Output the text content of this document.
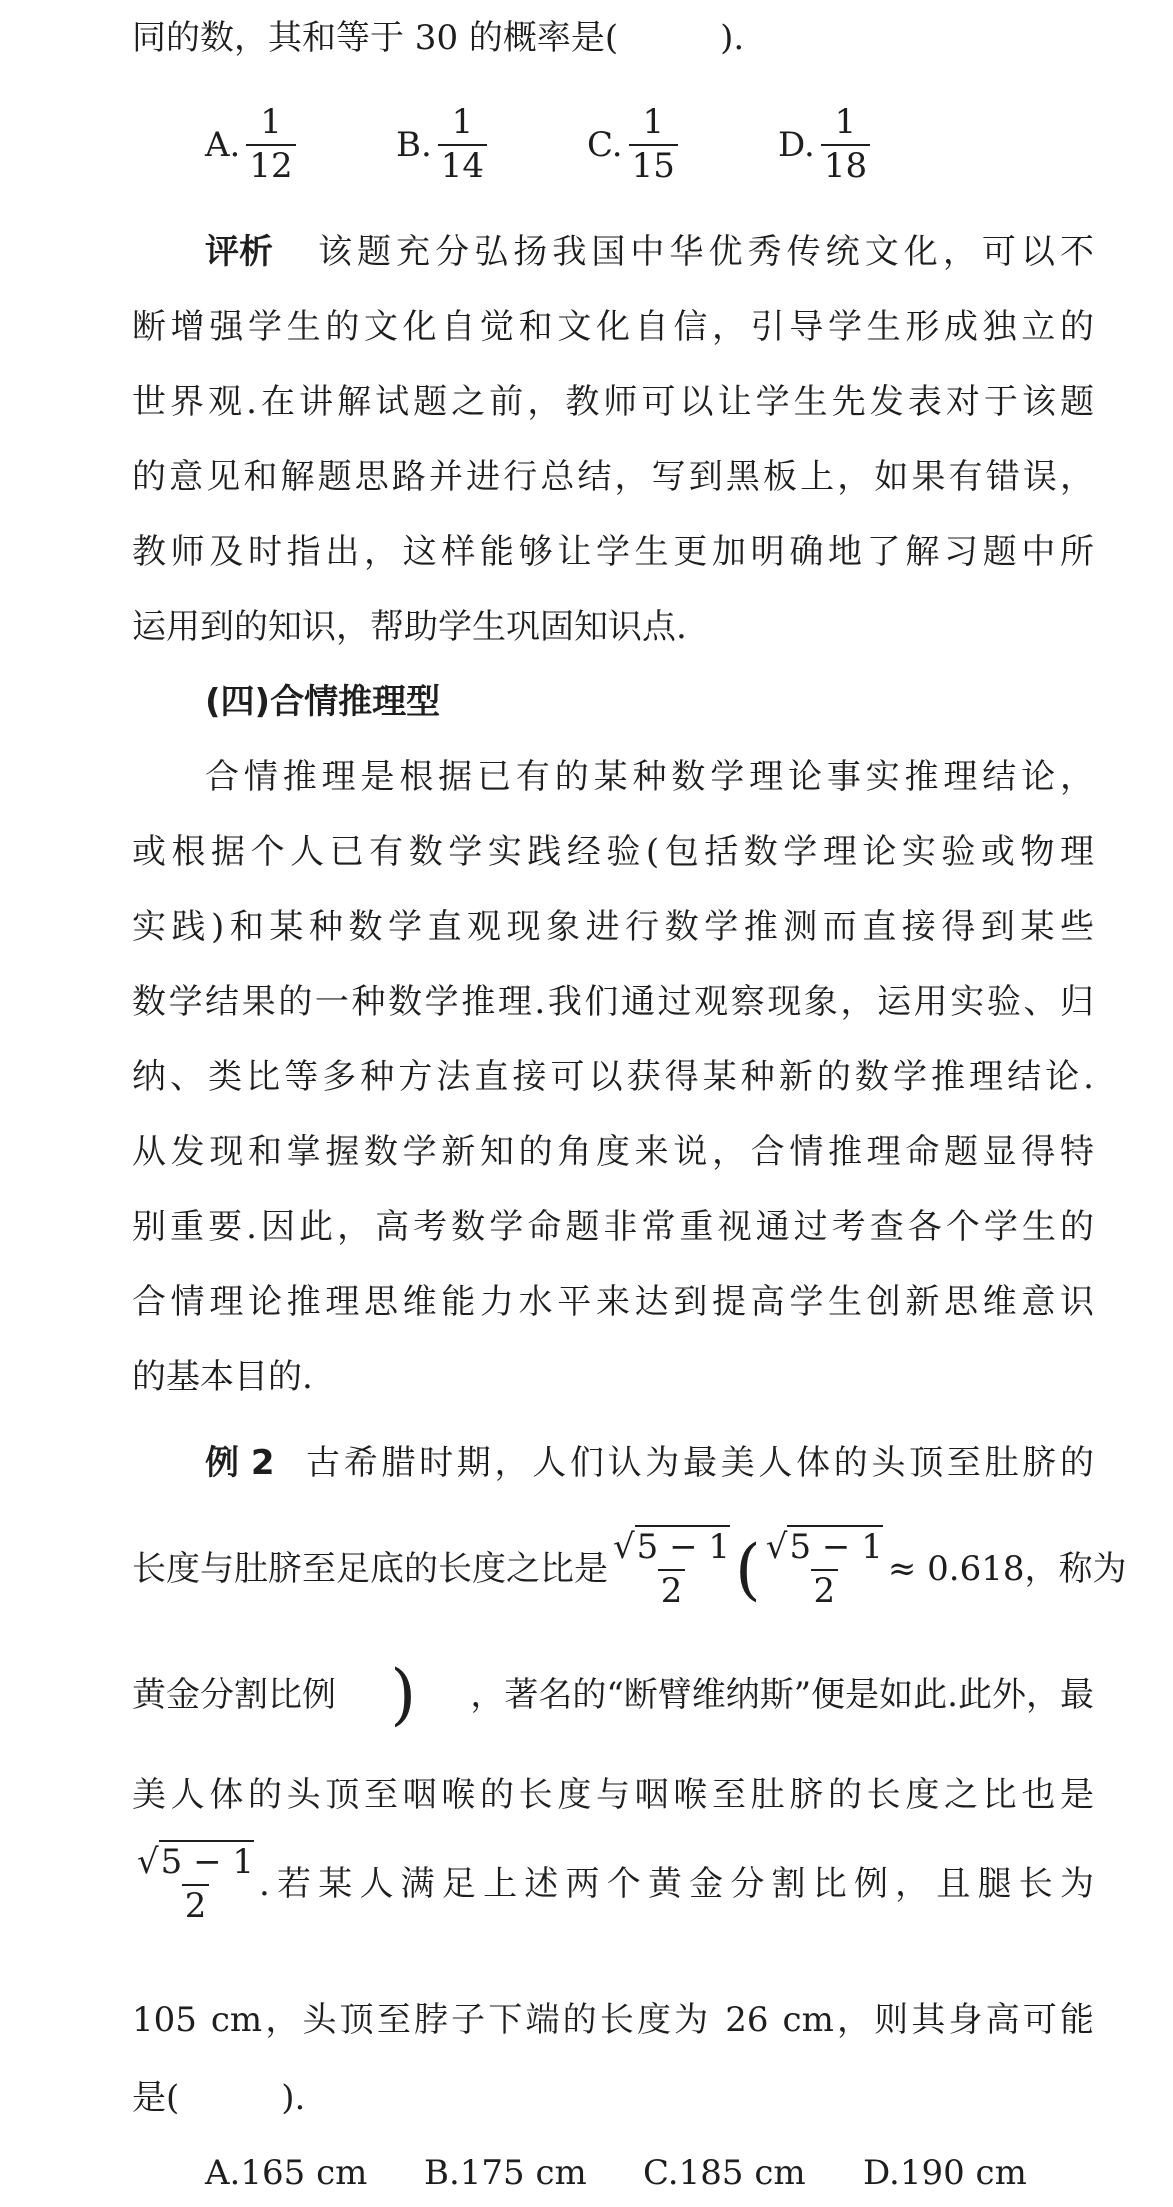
同的数，其和等于 30 的概率是(　　　).
A. $\frac{1}{12}$	B. $\frac{1}{14}$	C. $\frac{1}{15}$	D. $\frac{1}{18}$
评析 该题充分弘扬我国中华优秀传统文化，可以不
断增强学生的文化自觉和文化自信，引导学生形成独立的
世界观.在讲解试题之前，教师可以让学生先发表对于该题
的意见和解题思路并进行总结，写到黑板上，如果有错误，
教师及时指出，这样能够让学生更加明确地了解习题中所
运用到的知识，帮助学生巩固知识点.
(四)合情推理型
合情推理是根据已有的某种数学理论事实推理结论，
或根据个人已有数学实践经验(包括数学理论实验或物理
实践)和某种数学直观现象进行数学推测而直接得到某些
数学结果的一种数学推理.我们通过观察现象，运用实验、归
纳、类比等多种方法直接可以获得某种新的数学推理结论.
从发现和掌握数学新知的角度来说，合情推理命题显得特
别重要.因此，高考数学命题非常重视通过考查各个学生的
合情理论推理思维能力水平来达到提高学生创新思维意识
的基本目的.
例 2 古希腊时期，人们认为最美人体的头顶至肚脐的
长度与肚脐至足底的长度之比是 $\frac{√5 - 1}{2}$ ( $\frac{√5 - 1}{2} \approx 0.618$，称为
黄金分割比例 ) ，著名的“断臂维纳斯”便是如此.此外，最
美人体的头顶至咽喉的长度与咽喉至肚脐的长度之比也是
$\frac{√5 - 1}{2}$ .若某人满足上述两个黄金分割比例，且腿长为
105 cm，头顶至脖子下端的长度为 26 cm，则其身高可能
是(　　　).
A.165 cm B.175 cm C.185 cm D.190 cm
